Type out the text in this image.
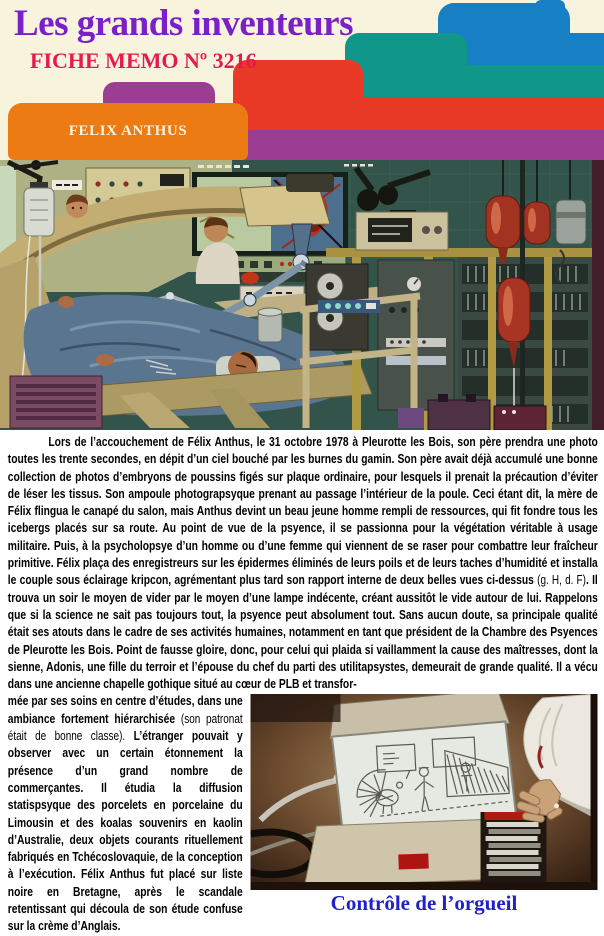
FELIX ANTHUS
Les grands inventeurs
FICHE MEMO Nº 3216

Lors de l’accouchement de Félix Anthus, le 31 octobre 1978 à Pleurotte les Bois, son père prendra une photo toutes les trente secondes, en dépit d’un ciel bouché par les burnes du gamin. Son père avait déjà accumulé une bonne collection de photos d’embryons de poussins figés sur plaque ordinaire, pour lesquels il prenait la précaution d’éviter de léser les tissus. Son ampoule photograpsyque prenant au passage l’intérieur de la poule. Ceci étant dit, la mère de Félix flingua le canapé du salon, mais Anthus devint un beau jeune homme rempli de ressources, qui fit fondre tous les icebergs placés sur sa route. Au point de vue de la psyence, il se passionna pour la végétation véritable à usage militaire. Puis, à la psycholopsye d’un homme ou d’une femme qui viennent de se raser pour combattre leur fraîcheur primitive. Félix plaça des enregistreurs sur les épidermes éliminés de leurs poils et de leurs taches d’humidité et installa le couple sous éclairage kripcon, agrémentant plus tard son rapport interne de deux belles vues ci-dessus (g. H, d. F). Il trouva un soir le moyen de vider par le moyen d’une lampe indécente, créant aussitôt le vide autour de lui. Rappelons que si la science ne sait pas toujours tout, la psyence peut absolument tout. Sans aucun doute, sa principale qualité était ses atouts dans le cadre de ses activités humaines, notamment en tant que président de la Chambre des Psyences de Pleurotte les Bois. Point de fausse gloire, donc, pour celui qui plaida si vaillamment la cause des maîtresses, dont la sienne, Adonis, une fille du terroir et l’épouse du chef du parti des utilitapsystes, demeurait de grande qualité. Il a vécu dans une ancienne chapelle gothique situé au cœur de PLB et transfor-

Contrôle de l’orgueil
mée par ses soins en centre d’études, dans une ambiance fortement hiérarchisée (son patronat était de bonne classe). L’étranger pouvait y observer avec un certain étonnement la présence d’un grand nombre de commerçantes. Il étudia la diffusion statispsyque des porcelets en porcelaine du Limousin et des koalas souvenirs en kaolin d’Australie, deux objets courants rituellement fabriqués en Tchécoslovaquie, de la conception à l’exécution. Félix Anthus fut placé sur liste noire en Bretagne, après le scandale retentissant qui découla de son étude confuse sur la crème d’Anglais.
